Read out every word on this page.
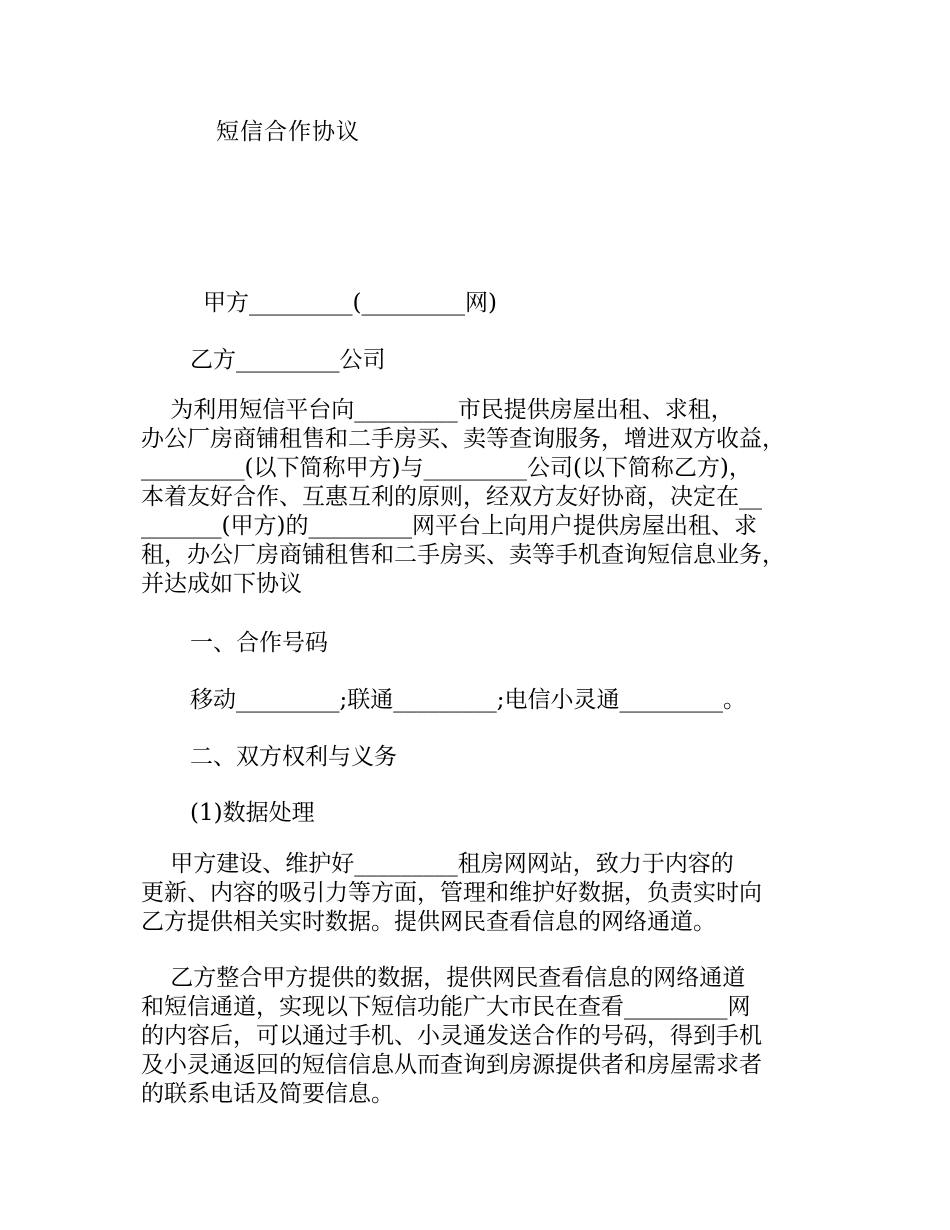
短信合作协议
甲方_________(_________网)
乙方_________公司
为利用短信平台向_________市民提供房屋出租、求租，
办公厂房商铺租售和二手房买、卖等查询服务，增进双方收益，
_________(以下简称甲方)与_________公司(以下简称乙方)，
本着友好合作、互惠互利的原则，经双方友好协商，决定在__
_______(甲方)的_________网平台上向用户提供房屋出租、求
租，办公厂房商铺租售和二手房买、卖等手机查询短信息业务，
并达成如下协议
一、合作号码
移动_________;联通_________;电信小灵通_________。
二、双方权利与义务
(1)数据处理
甲方建设、维护好_________租房网网站，致力于内容的
更新、内容的吸引力等方面，管理和维护好数据，负责实时向
乙方提供相关实时数据。提供网民查看信息的网络通道。
乙方整合甲方提供的数据，提供网民查看信息的网络通道
和短信通道，实现以下短信功能广大市民在查看_________网
的内容后，可以通过手机、小灵通发送合作的号码，得到手机
及小灵通返回的短信信息从而查询到房源提供者和房屋需求者
的联系电话及简要信息。
